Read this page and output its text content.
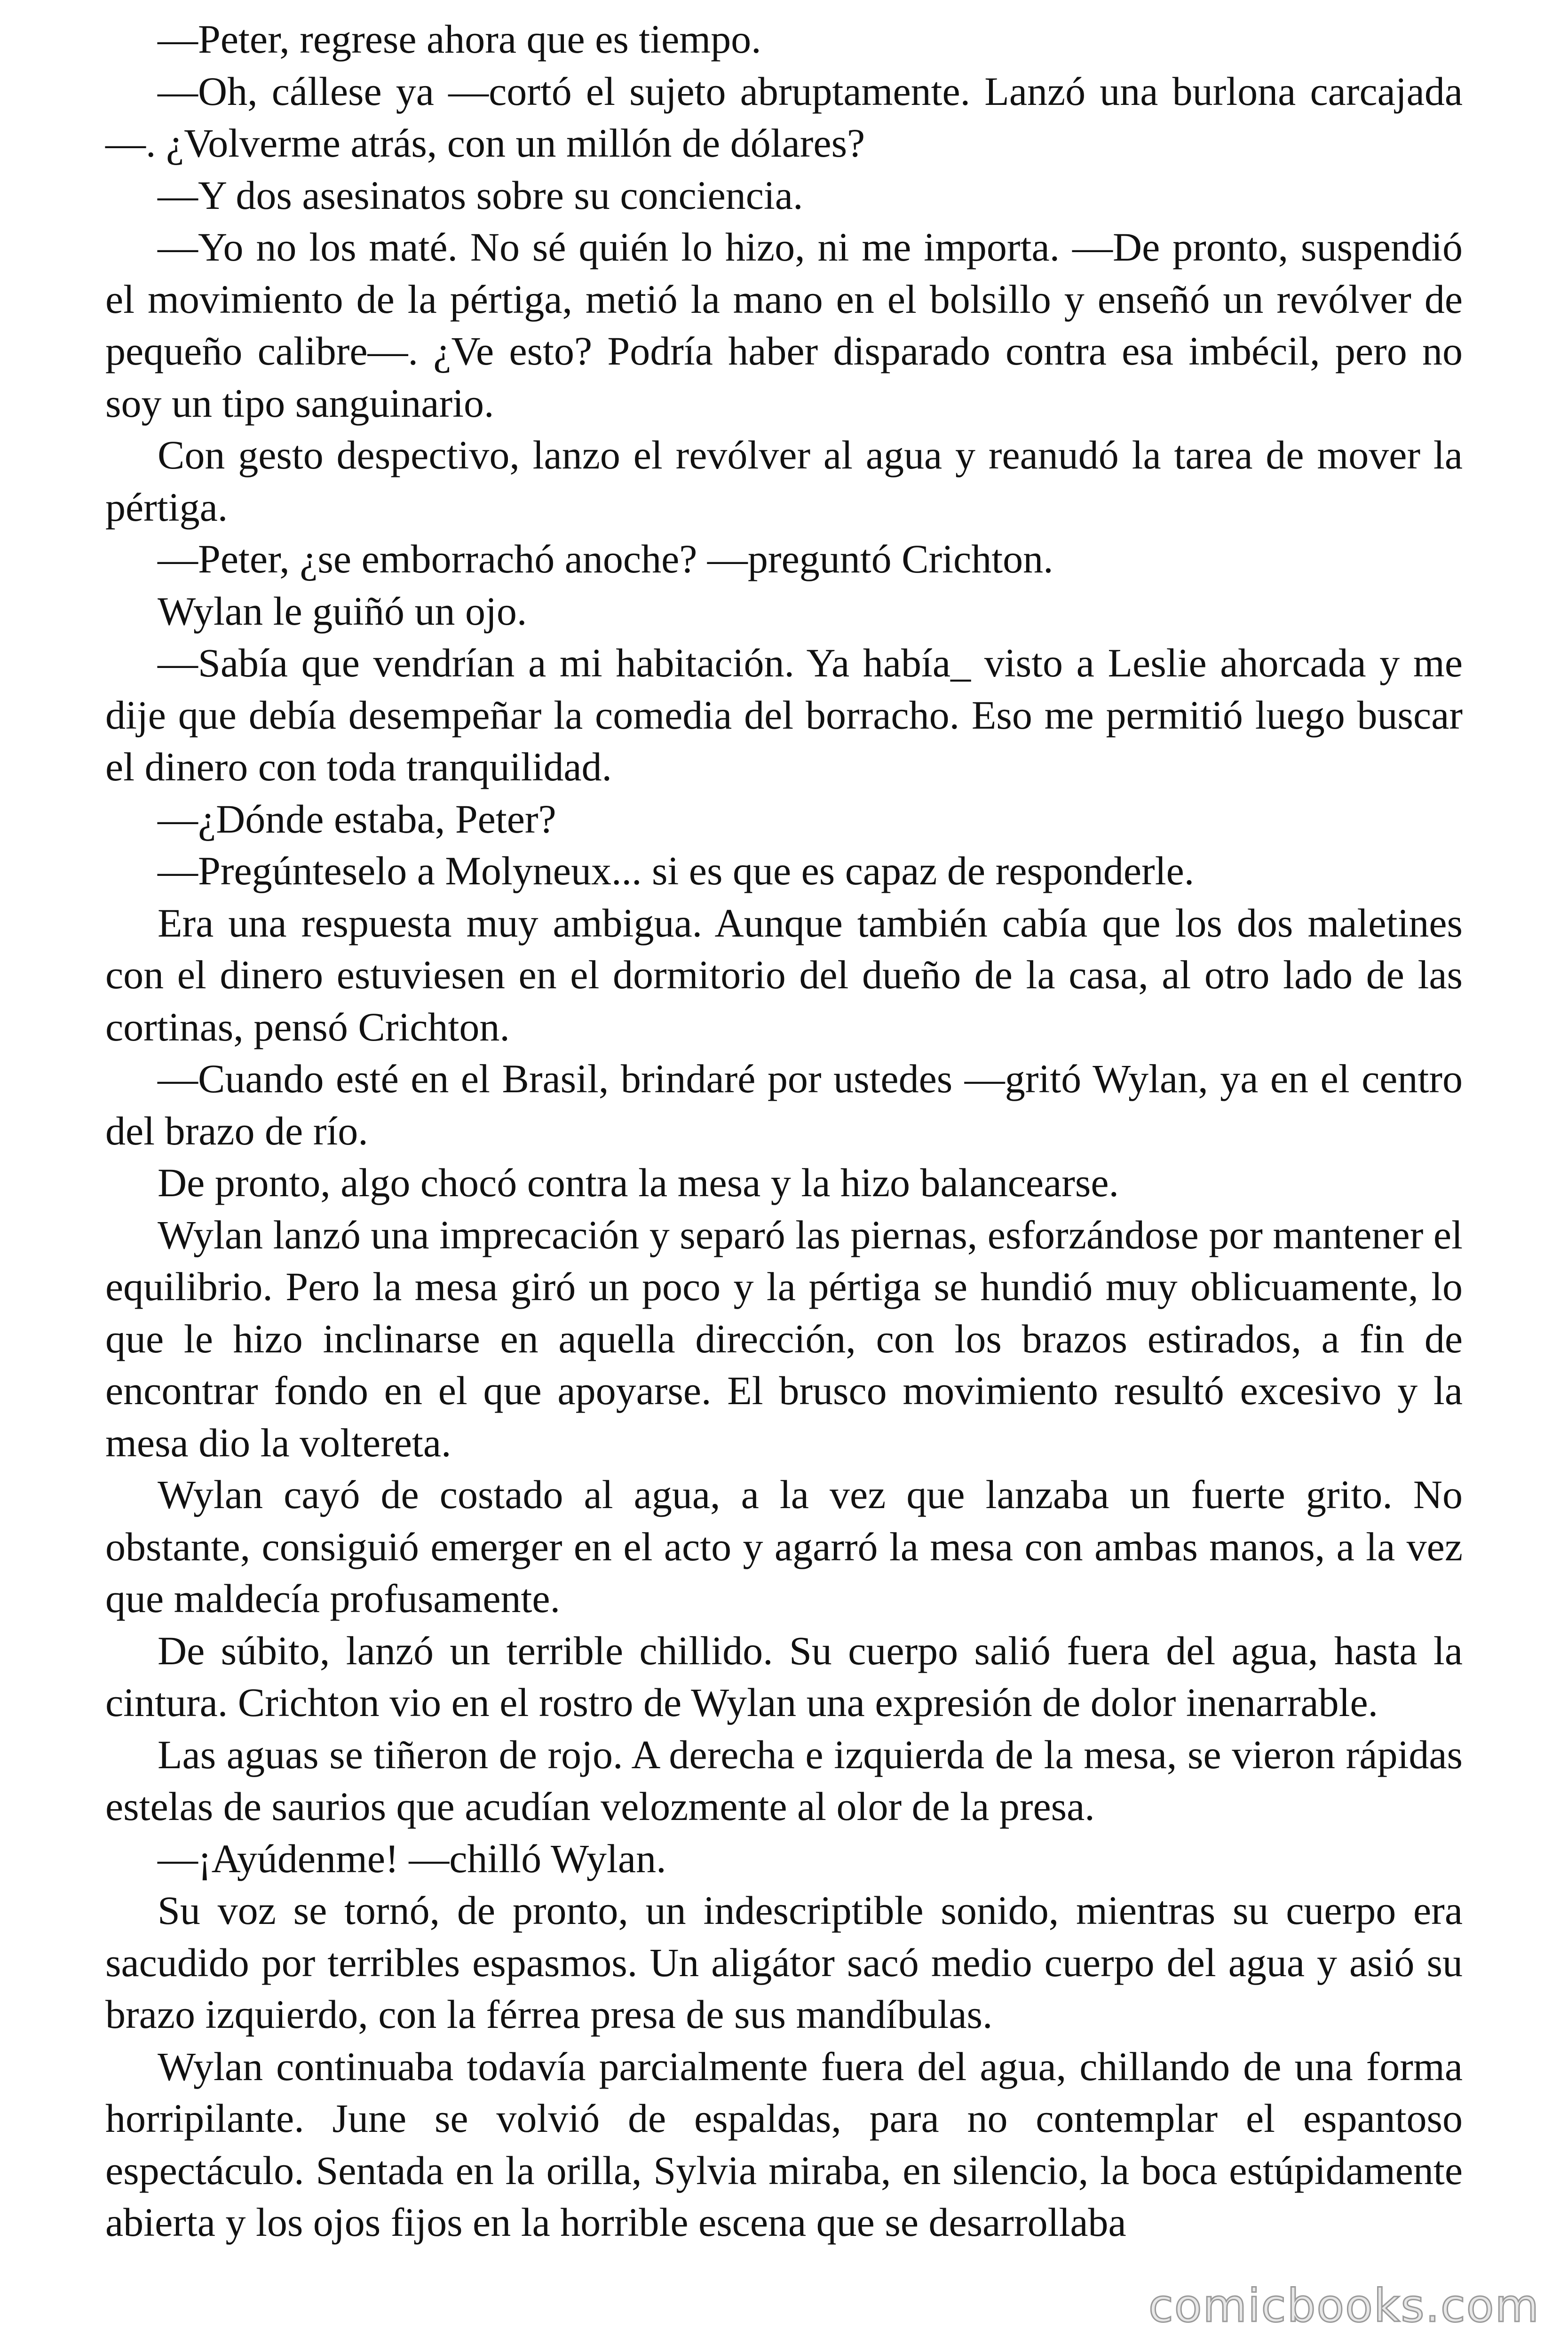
—Peter, regrese ahora que es tiempo.

—Oh, cállese ya —cortó el sujeto abruptamente. Lanzó una burlona carcajada—. ¿Volverme atrás, con un millón de dólares?

—Y dos asesinatos sobre su conciencia.

—Yo no los maté. No sé quién lo hizo, ni me importa. —De pronto, suspendió el movimiento de la pértiga, metió la mano en el bolsillo y enseñó un revólver de pequeño calibre—. ¿Ve esto? Podría haber disparado contra esa imbécil, pero no soy un tipo sanguinario.

Con gesto despectivo, lanzo el revólver al agua y reanudó la tarea de mover la pértiga.

—Peter, ¿se emborrachó anoche? —preguntó Crichton.

Wylan le guiñó un ojo.

—Sabía que vendrían a mi habitación. Ya había_ visto a Leslie ahorcada y me dije que debía desempeñar la comedia del borracho. Eso me permitió luego buscar el dinero con toda tranquilidad.

—¿Dónde estaba, Peter?

—Pregúnteselo a Molyneux... si es que es capaz de responderle.

Era una respuesta muy ambigua. Aunque también cabía que los dos maletines con el dinero estuviesen en el dormitorio del dueño de la casa, al otro lado de las cortinas, pensó Crichton.

—Cuando esté en el Brasil, brindaré por ustedes —gritó Wylan, ya en el centro del brazo de río.

De pronto, algo chocó contra la mesa y la hizo balancearse.

Wylan lanzó una imprecación y separó las piernas, esforzándose por mantener el equilibrio. Pero la mesa giró un poco y la pértiga se hundió muy oblicuamente, lo que le hizo inclinarse en aquella dirección, con los brazos estirados, a fin de encontrar fondo en el que apoyarse. El brusco movimiento resultó excesivo y la mesa dio la voltereta.

Wylan cayó de costado al agua, a la vez que lanzaba un fuerte grito. No obstante, consiguió emerger en el acto y agarró la mesa con ambas manos, a la vez que maldecía profusamente.

De súbito, lanzó un terrible chillido. Su cuerpo salió fuera del agua, hasta la cintura. Crichton vio en el rostro de Wylan una expresión de dolor inenarrable.

Las aguas se tiñeron de rojo. A derecha e izquierda de la mesa, se vieron rápidas estelas de saurios que acudían velozmente al olor de la presa.

—¡Ayúdenme! —chilló Wylan.

Su voz se tornó, de pronto, un indescriptible sonido, mientras su cuerpo era sacudido por terribles espasmos. Un aligátor sacó medio cuerpo del agua y asió su brazo izquierdo, con la férrea presa de sus mandíbulas.

Wylan continuaba todavía parcialmente fuera del agua, chillando de una forma horripilante. June se volvió de espaldas, para no contemplar el espantoso espectáculo. Sentada en la orilla, Sylvia miraba, en silencio, la boca estúpidamente abierta y los ojos fijos en la horrible escena que se desarrollaba

comicbooks.com
